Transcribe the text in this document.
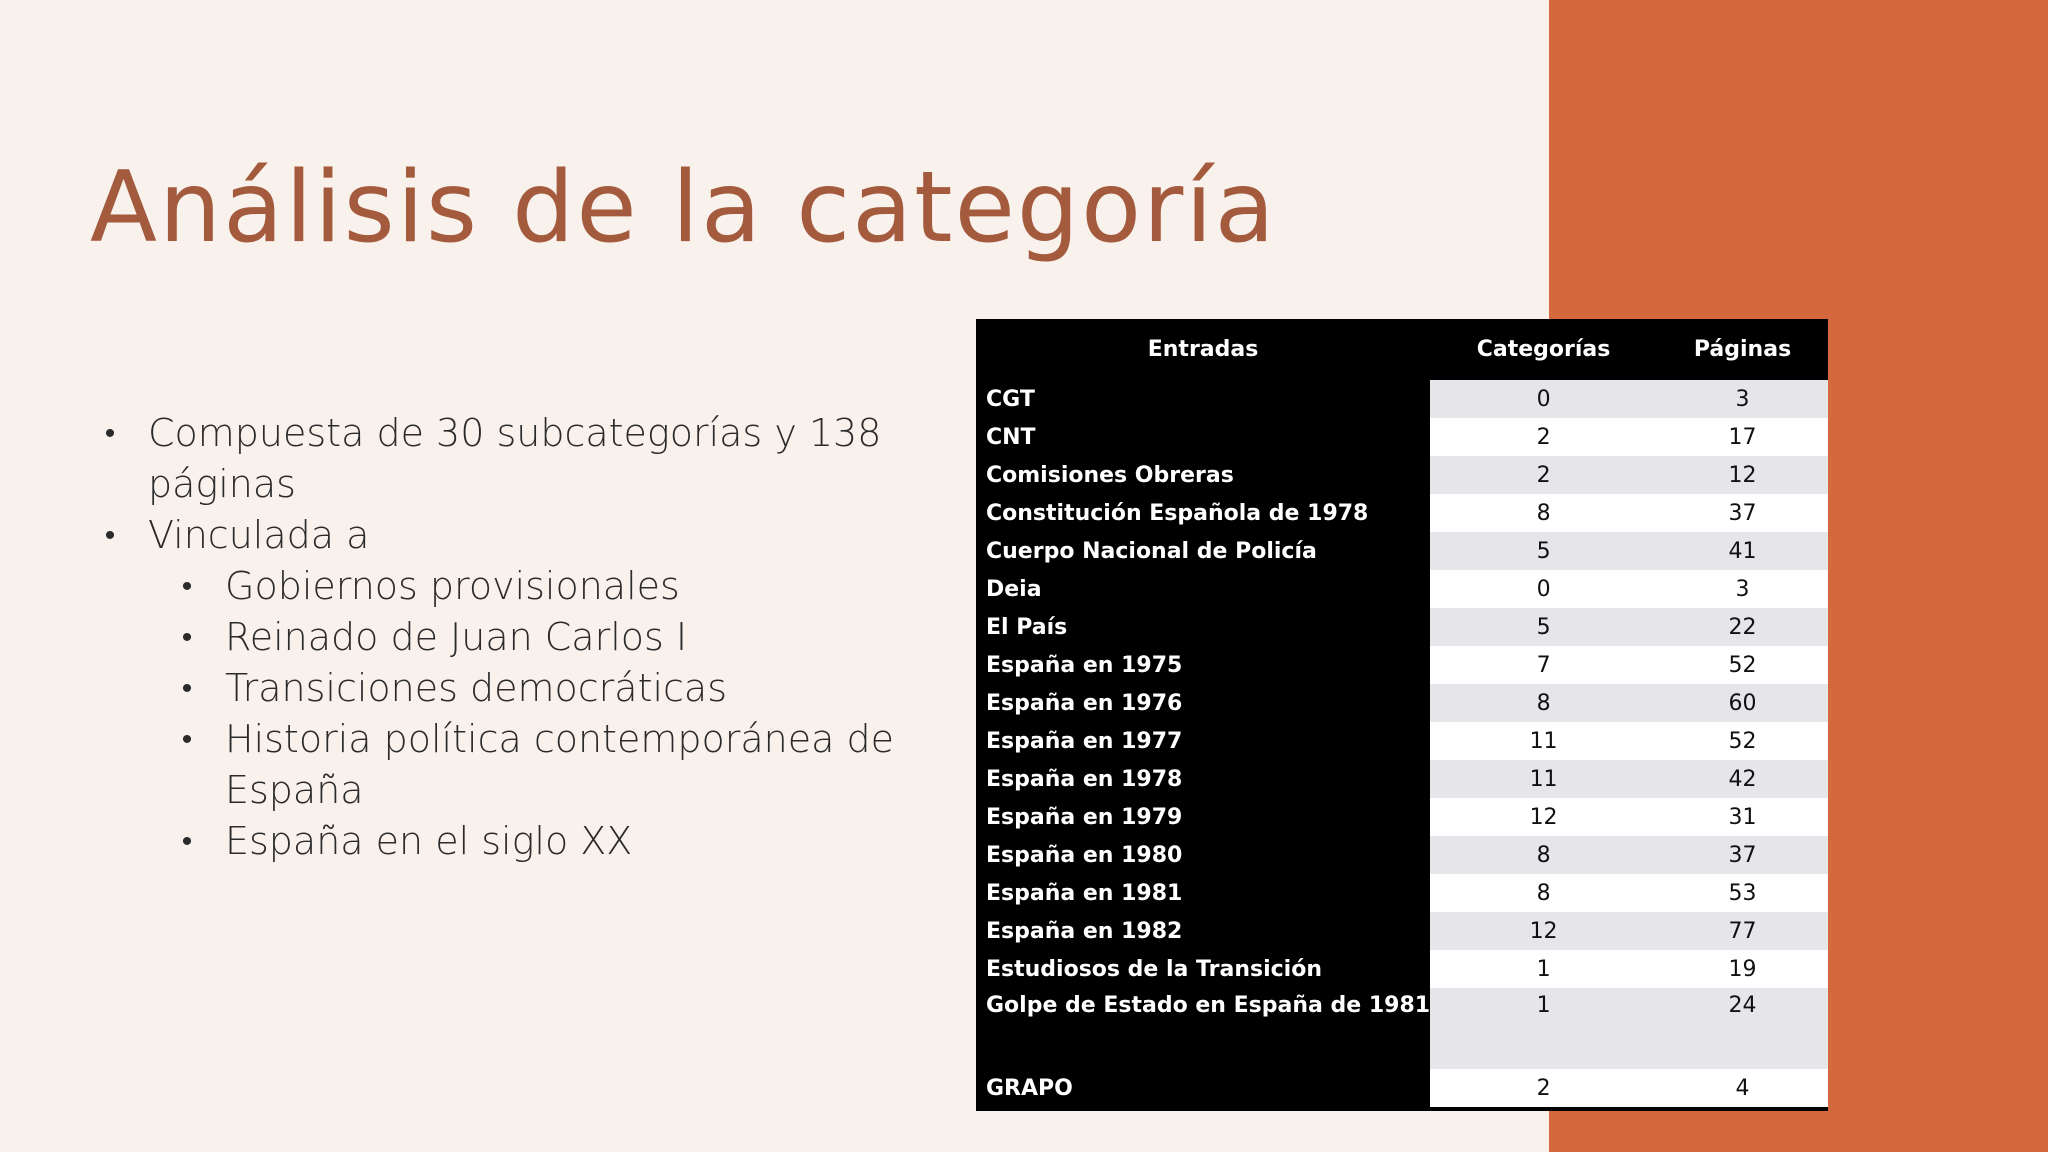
Análisis de la categoría
• Compuesta de 30 subcategorías y 138
páginas
• Vinculada a
• Gobiernos provisionales
• Reinado de Juan Carlos I
• Transiciones democráticas
• Historia política contemporánea de
España
• España en el siglo XX
Entradas	Categorías	Páginas
CGT	0	3
CNT	2	17
Comisiones Obreras	2	12
Constitución Española de 1978	8	37
Cuerpo Nacional de Policía	5	41
Deia	0	3
El País	5	22
España en 1975	7	52
España en 1976	8	60
España en 1977	11	52
España en 1978	11	42
España en 1979	12	31
España en 1980	8	37
España en 1981	8	53
España en 1982	12	77
Estudiosos de la Transición	1	19
Golpe de Estado en España de 1981	1	24
GRAPO	2	4
